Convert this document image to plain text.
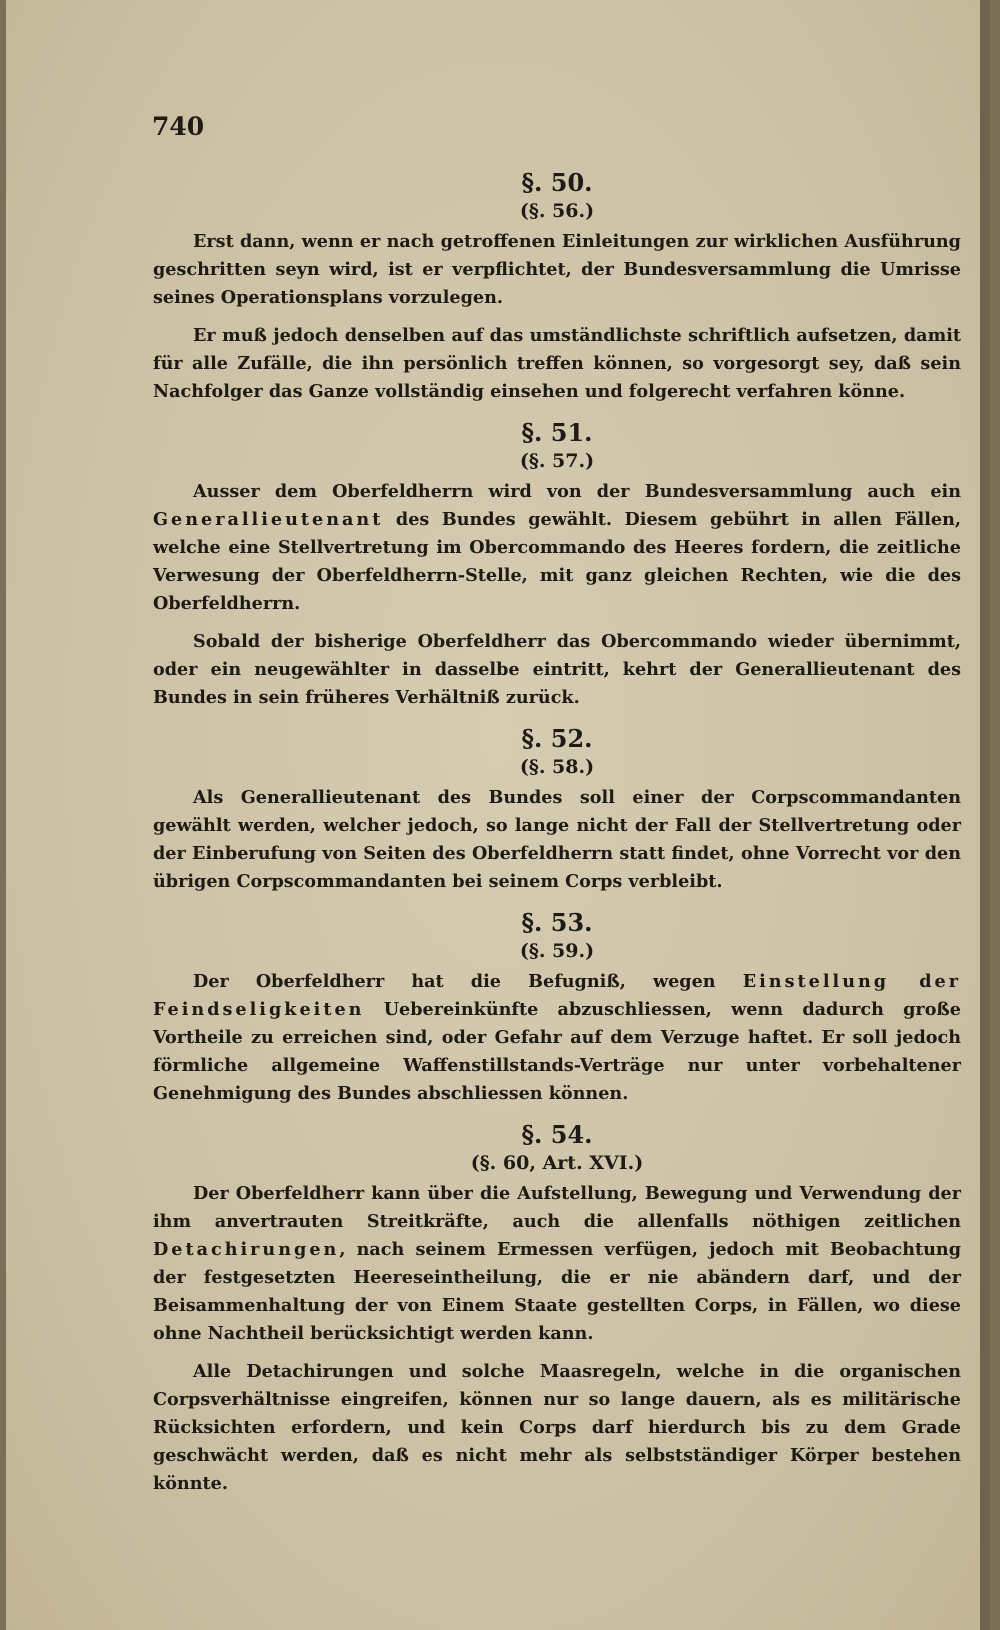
740

§. 50.

(§. 56.)

Erst dann, wenn er nach getroffenen Einleitungen zur wirklichen Ausführung geschritten seyn wird, ist er verpflichtet, der Bundesversammlung die Umrisse seines Operationsplans vorzulegen.

Er muß jedoch denselben auf das umständlichste schriftlich aufsetzen, damit für alle Zufälle, die ihn persönlich treffen können, so vorgesorgt sey, daß sein Nachfolger das Ganze vollständig einsehen und folgerecht verfahren könne.

§. 51.

(§. 57.)

Ausser dem Oberfeldherrn wird von der Bundesversammlung auch ein Generallieutenant des Bundes gewählt. Diesem gebührt in allen Fällen, welche eine Stellvertretung im Obercommando des Heeres fordern, die zeitliche Verwesung der Oberfeldherrn-Stelle, mit ganz gleichen Rechten, wie die des Oberfeldherrn.

Sobald der bisherige Oberfeldherr das Obercommando wieder übernimmt, oder ein neugewählter in dasselbe eintritt, kehrt der Generallieutenant des Bundes in sein früheres Verhältniß zurück.

§. 52.

(§. 58.)

Als Generallieutenant des Bundes soll einer der Corpscommandanten gewählt werden, welcher jedoch, so lange nicht der Fall der Stellvertretung oder der Einberufung von Seiten des Oberfeldherrn statt findet, ohne Vorrecht vor den übrigen Corpscommandanten bei seinem Corps verbleibt.

§. 53.

(§. 59.)

Der Oberfeldherr hat die Befugniß, wegen Einstellung der Feindseligkeiten Uebereinkünfte abzuschliessen, wenn dadurch große Vortheile zu erreichen sind, oder Gefahr auf dem Verzuge haftet. Er soll jedoch förmliche allgemeine Waffenstillstands-Verträge nur unter vorbehaltener Genehmigung des Bundes abschliessen können.

§. 54.

(§. 60, Art. XVI.)

Der Oberfeldherr kann über die Aufstellung, Bewegung und Verwendung der ihm anvertrauten Streitkräfte, auch die allenfalls nöthigen zeitlichen Detachirungen, nach seinem Ermessen verfügen, jedoch mit Beobachtung der festgesetzten Heereseintheilung, die er nie abändern darf, und der Beisammenhaltung der von Einem Staate gestellten Corps, in Fällen, wo diese ohne Nachtheil berücksichtigt werden kann.

Alle Detachirungen und solche Maasregeln, welche in die organischen Corpsverhältnisse eingreifen, können nur so lange dauern, als es militärische Rücksichten erfordern, und kein Corps darf hierdurch bis zu dem Grade geschwächt werden, daß es nicht mehr als selbstständiger Körper bestehen könnte.
